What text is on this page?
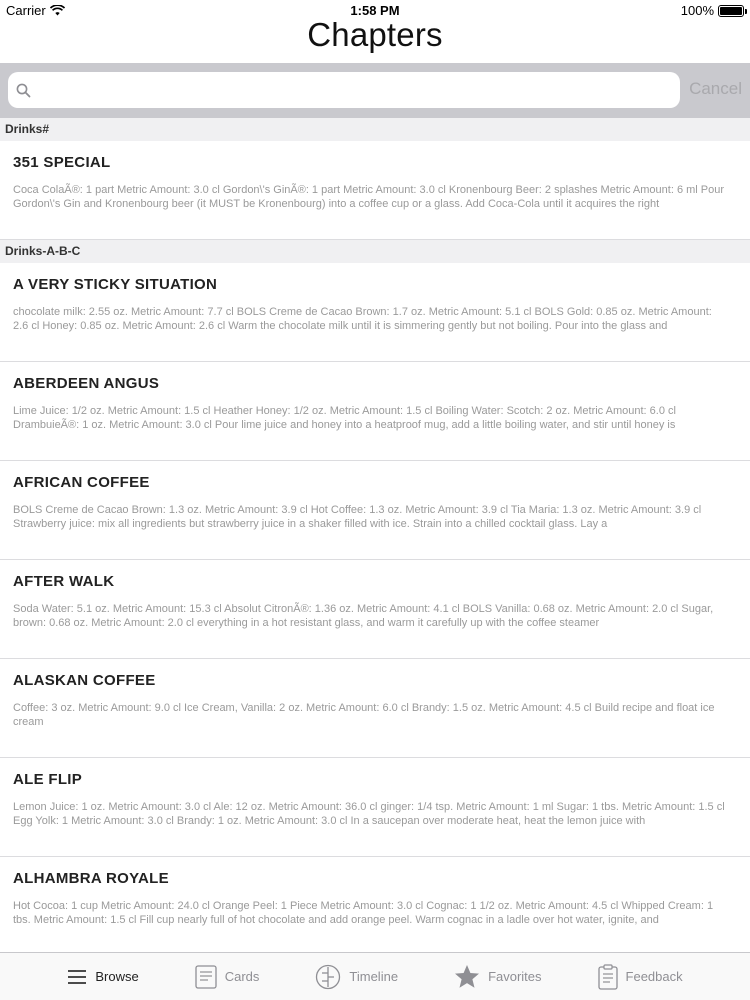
Carrier	1:58 PM	100%
Chapters
Cancel
Drinks#
351 SPECIAL
Coca ColaÃ®: 1 part Metric Amount: 3.0 cl Gordon\'s GinÃ®: 1 part Metric Amount: 3.0 cl Kronenbourg Beer: 2 splashes Metric Amount: 6 ml Pour Gordon\'s Gin and Kronenbourg beer (it MUST be Kronenbourg) into a coffee cup or a glass. Add Coca-Cola until it acquires the right
Drinks-A-B-C
A VERY STICKY SITUATION
chocolate milk: 2.55 oz. Metric Amount: 7.7 cl BOLS Creme de Cacao Brown: 1.7 oz. Metric Amount: 5.1 cl BOLS Gold: 0.85 oz. Metric Amount: 2.6 cl Honey: 0.85 oz. Metric Amount: 2.6 cl Warm the chocolate milk until it is simmering gently but not boiling. Pour into the glass and
ABERDEEN ANGUS
Lime Juice: 1/2 oz. Metric Amount: 1.5 cl Heather Honey: 1/2 oz. Metric Amount: 1.5 cl Boiling Water: Scotch: 2 oz. Metric Amount: 6.0 cl DrambuieÃ®: 1 oz. Metric Amount: 3.0 cl Pour lime juice and honey into a heatproof mug, add a little boiling water, and stir until honey is
AFRICAN COFFEE
BOLS Creme de Cacao Brown: 1.3 oz. Metric Amount: 3.9 cl Hot Coffee: 1.3 oz. Metric Amount: 3.9 cl Tia Maria: 1.3 oz. Metric Amount: 3.9 cl Strawberry juice: mix all ingredients but strawberry juice in a shaker filled with ice. Strain into a chilled cocktail glass. Lay a
AFTER WALK
Soda Water: 5.1 oz. Metric Amount: 15.3 cl Absolut CitronÃ®: 1.36 oz. Metric Amount: 4.1 cl BOLS Vanilla: 0.68 oz. Metric Amount: 2.0 cl Sugar, brown: 0.68 oz. Metric Amount: 2.0 cl everything in a hot resistant glass, and warm it carefully up with the coffee steamer
ALASKAN COFFEE
Coffee: 3 oz. Metric Amount: 9.0 cl Ice Cream, Vanilla: 2 oz. Metric Amount: 6.0 cl Brandy: 1.5 oz. Metric Amount: 4.5 cl Build recipe and float ice cream
ALE FLIP
Lemon Juice: 1 oz. Metric Amount: 3.0 cl Ale: 12 oz. Metric Amount: 36.0 cl ginger: 1/4 tsp. Metric Amount: 1 ml Sugar: 1 tbs. Metric Amount: 1.5 cl Egg Yolk: 1 Metric Amount: 3.0 cl Brandy: 1 oz. Metric Amount: 3.0 cl In a saucepan over moderate heat, heat the lemon juice with
ALHAMBRA ROYALE
Hot Cocoa: 1 cup Metric Amount: 24.0 cl Orange Peel: 1 Piece Metric Amount: 3.0 cl Cognac: 1 1/2 oz. Metric Amount: 4.5 cl Whipped Cream: 1 tbs. Metric Amount: 1.5 cl Fill cup nearly full of hot chocolate and add orange peel. Warm cognac in a ladle over hot water, ignite, and
Browse	Cards	Timeline	Favorites	Feedback
